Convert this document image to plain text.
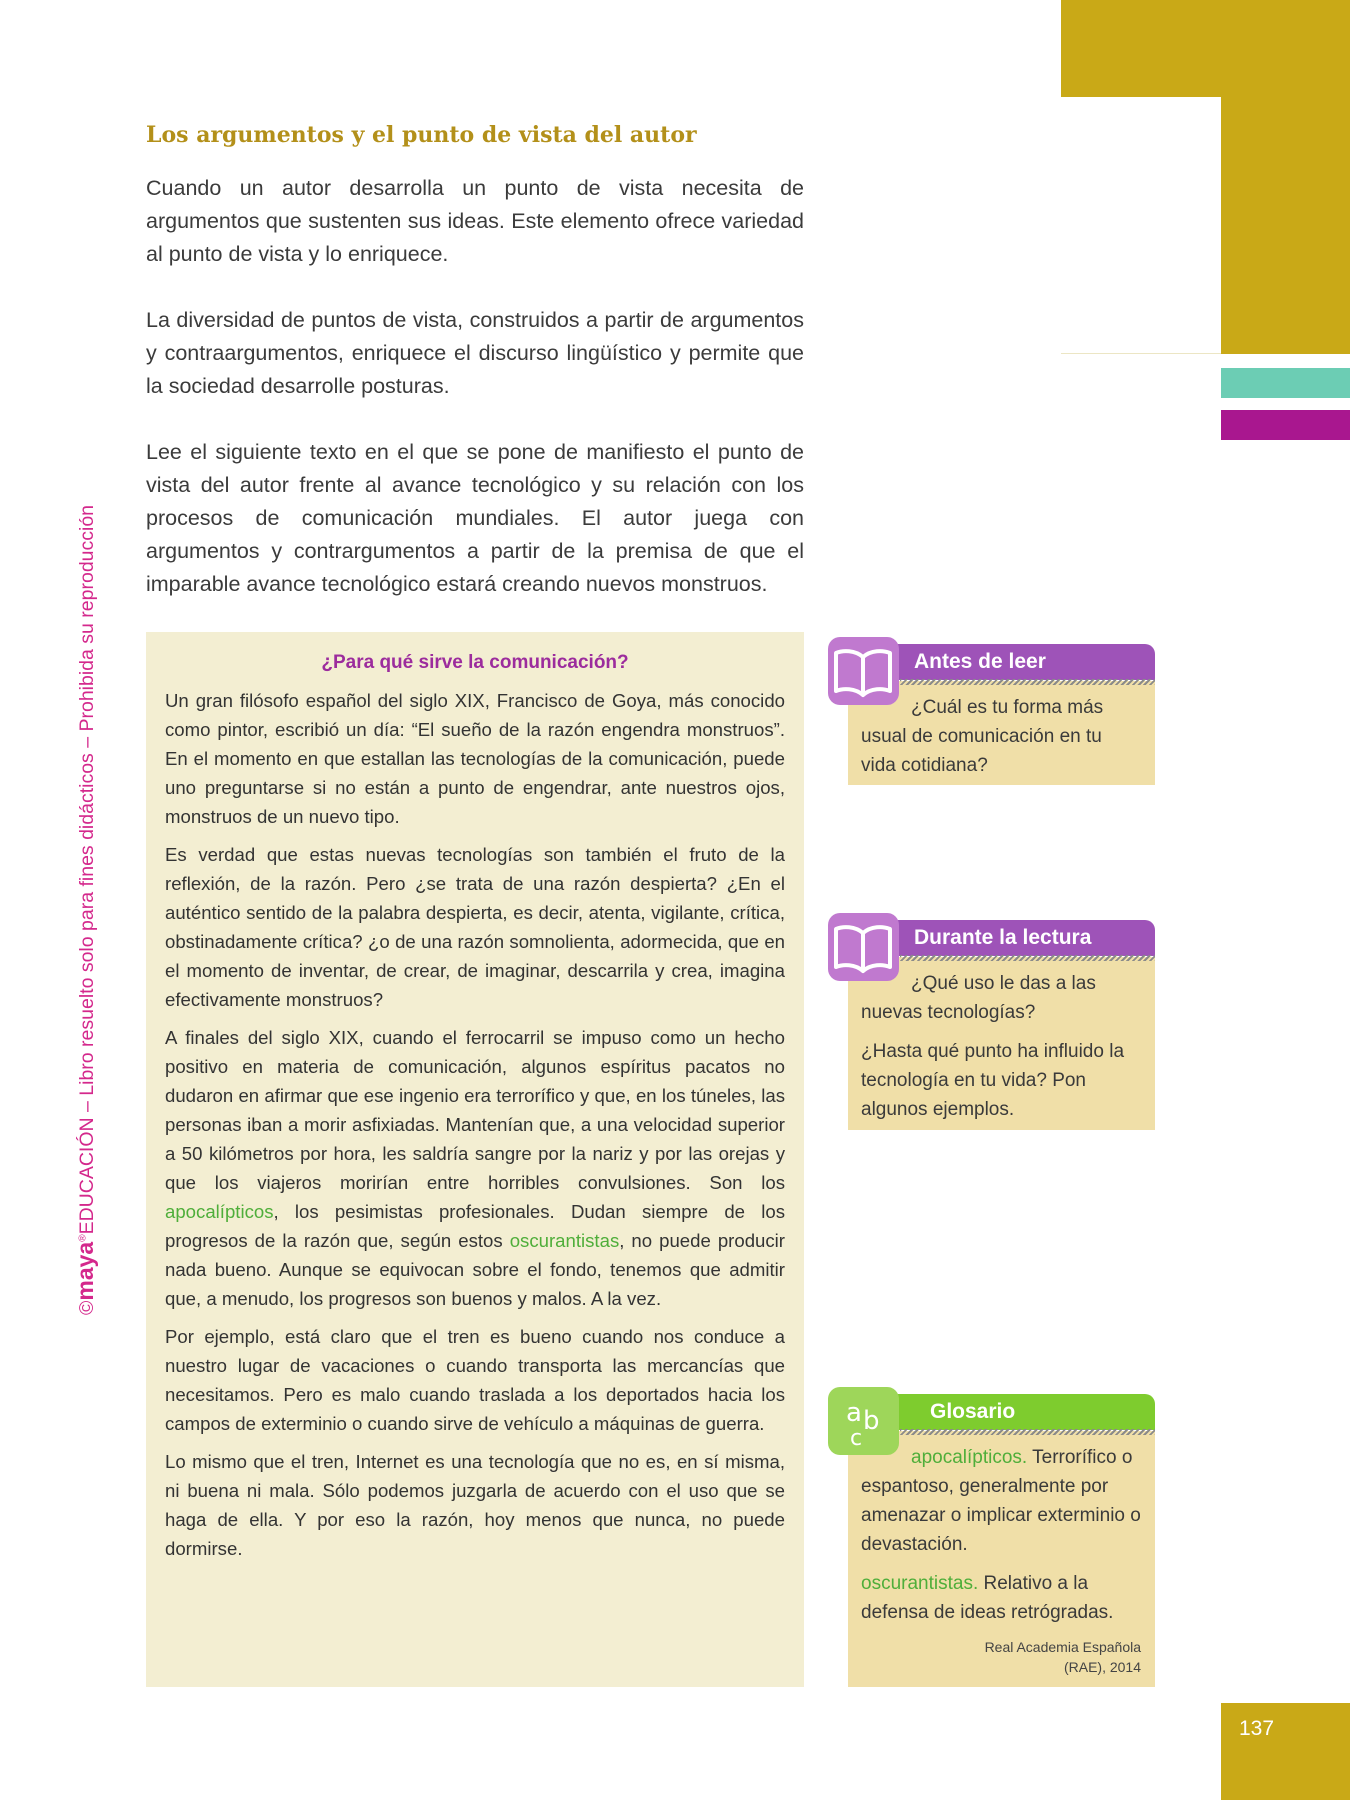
©maya®EDUCACIÓN – Libro resuelto solo para fines didácticos – Prohibida su reproducción
Los argumentos y el punto de vista del autor

Cuando un autor desarrolla un punto de vista necesita de argumentos que sustenten sus ideas. Este elemento ofrece variedad al punto de vista y lo enriquece.

La diversidad de puntos de vista, construidos a partir de argumentos y contraargumentos, enriquece el discurso lingüístico y permite que la sociedad desarrolle posturas.

Lee el siguiente texto en el que se pone de manifiesto el punto de vista del autor frente al avance tecnológico y su relación con los procesos de comunicación mundiales. El autor juega con argumentos y contrargumentos a partir de la premisa de que el imparable avance tecnológico estará creando nuevos monstruos.

¿Para qué sirve la comunicación?

Un gran filósofo español del siglo XIX, Francisco de Goya, más conocido como pintor, escribió un día: “El sueño de la razón engendra monstruos”. En el momento en que estallan las tecnologías de la comunicación, puede uno preguntarse si no están a punto de engendrar, ante nuestros ojos, monstruos de un nuevo tipo.

Es verdad que estas nuevas tecnologías son también el fruto de la reflexión, de la razón. Pero ¿se trata de una razón despierta? ¿En el auténtico sentido de la palabra despierta, es decir, atenta, vigilante, crítica, obstinadamente crítica? ¿o de una razón somnolienta, adormecida, que en el momento de inventar, de crear, de imaginar, descarrila y crea, imagina efectivamente monstruos?

A finales del siglo XIX, cuando el ferrocarril se impuso como un hecho positivo en materia de comunicación, algunos espíritus pacatos no dudaron en afirmar que ese ingenio era terrorífico y que, en los túneles, las personas iban a morir asfixiadas. Mantenían que, a una velocidad superior a 50 kilómetros por hora, les saldría sangre por la nariz y por las orejas y que los viajeros morirían entre horribles convulsiones. Son los apocalípticos, los pesimistas profesionales. Dudan siempre de los progresos de la razón que, según estos oscurantistas, no puede producir nada bueno. Aunque se equivocan sobre el fondo, tenemos que admitir que, a menudo, los progresos son buenos y malos. A la vez.

Por ejemplo, está claro que el tren es bueno cuando nos conduce a nuestro lugar de vacaciones o cuando transporta las mercancías que necesitamos. Pero es malo cuando traslada a los deportados hacia los campos de exterminio o cuando sirve de vehículo a máquinas de guerra.

Lo mismo que el tren, Internet es una tecnología que no es, en sí misma, ni buena ni mala. Sólo podemos juzgarla de acuerdo con el uso que se haga de ella. Y por eso la razón, hoy menos que nunca, no puede dormirse.

Antes de leer

¿Cuál es tu forma más usual de comunicación en tu vida cotidiana?

Durante la lectura

¿Qué uso le das a las nuevas tecnologías?

¿Hasta qué punto ha influido la tecnología en tu vida? Pon algunos ejemplos.

Glosario
a b
c

apocalípticos. Terrorífico o espantoso, generalmente por amenazar o implicar exterminio o devastación.

oscurantistas. Relativo a la defensa de ideas retrógradas.

Real Academia Española
(RAE), 2014

137
